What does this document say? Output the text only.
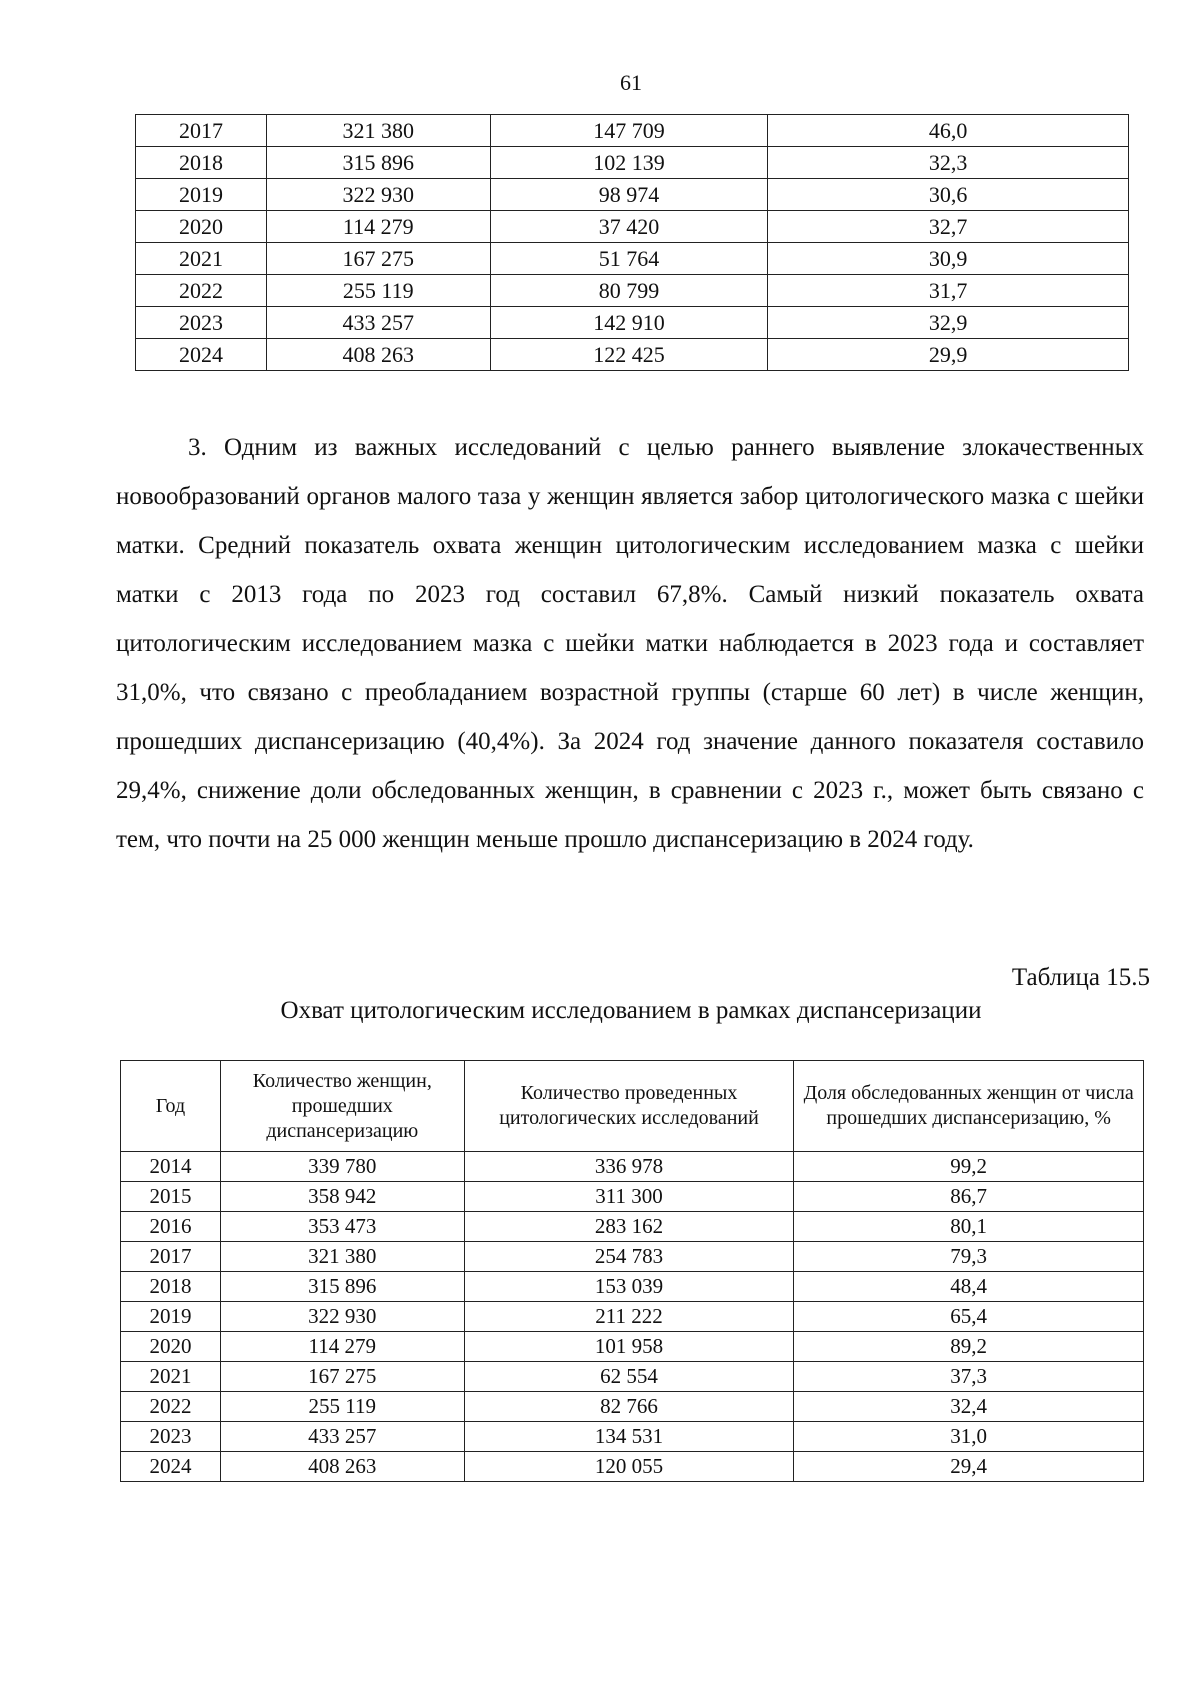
61
2017	321 380	147 709	46,0
2018	315 896	102 139	32,3
2019	322 930	98 974	30,6
2020	114 279	37 420	32,7
2021	167 275	51 764	30,9
2022	255 119	80 799	31,7
2023	433 257	142 910	32,9
2024	408 263	122 425	29,9

3. Одним из важных исследований с целью раннего выявление злокачественных новообразований органов малого таза у женщин является забор цитологического мазка с шейки матки. Средний показатель охвата женщин цитологическим исследованием мазка с шейки матки с 2013 года по 2023 год составил 67,8%. Самый низкий показатель охвата цитологическим исследованием мазка с шейки матки наблюдается в 2023 года и составляет 31,0%, что связано с преобладанием возрастной группы (старше 60 лет) в числе женщин, прошедших диспансеризацию (40,4%). За 2024 год значение данного показателя составило 29,4%, снижение доли обследованных женщин, в сравнении с 2023 г., может быть связано с тем, что почти на 25 000 женщин меньше прошло диспансеризацию в 2024 году.

Таблица 15.5
Охват цитологическим исследованием в рамках диспансеризации
Год	Количество женщин, прошедших диспансеризацию	Количество проведенных цитологических исследований	Доля обследованных женщин от числа прошедших диспансеризацию, %
2014	339 780	336 978	99,2
2015	358 942	311 300	86,7
2016	353 473	283 162	80,1
2017	321 380	254 783	79,3
2018	315 896	153 039	48,4
2019	322 930	211 222	65,4
2020	114 279	101 958	89,2
2021	167 275	62 554	37,3
2022	255 119	82 766	32,4
2023	433 257	134 531	31,0
2024	408 263	120 055	29,4
